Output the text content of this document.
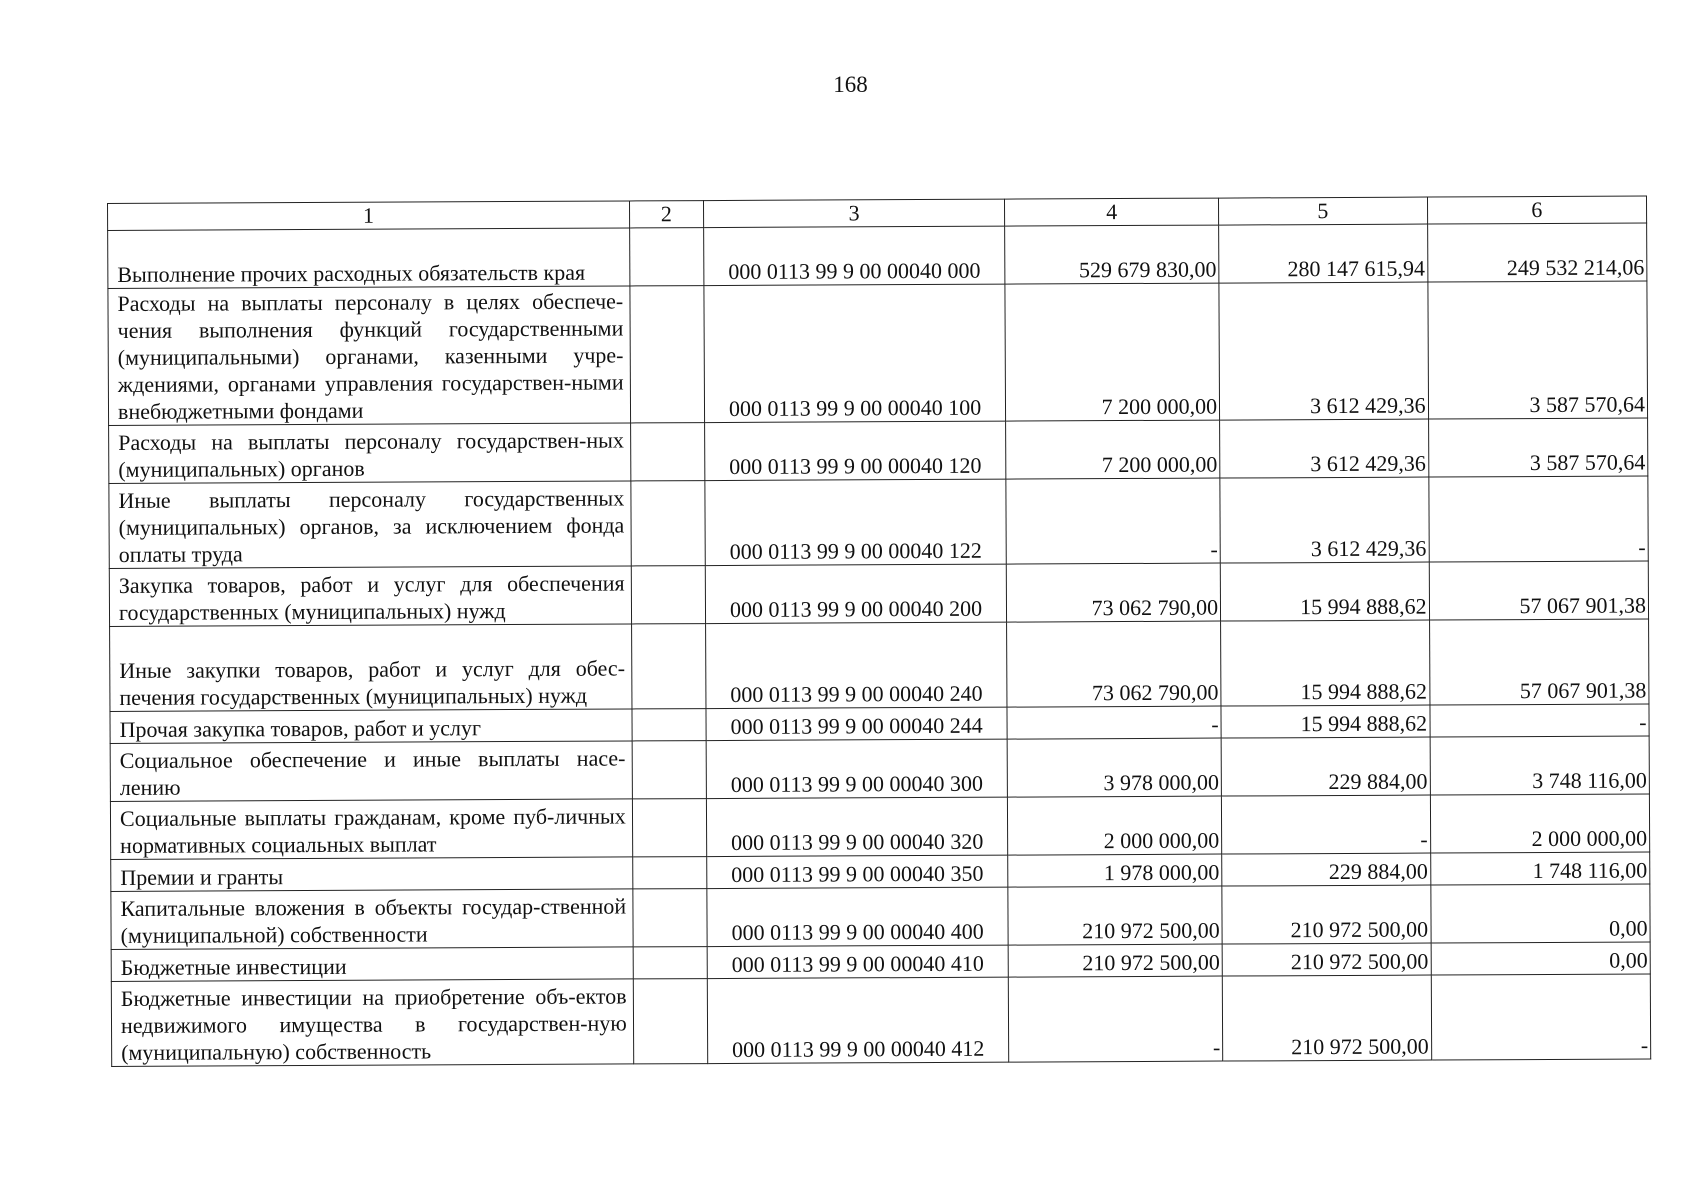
168
1	2	3	4	5	6
Выполнение прочих расходных обязательств края		000 0113 99 9 00 00040 000	529 679 830,00	280 147 615,94	249 532 214,06
Расходы на выплаты персоналу в целях обеспече-чения выполнения функций государственными (муниципальными) органами, казенными учре-ждениями, органами управления государствен-ными внебюджетными фондами		000 0113 99 9 00 00040 100	7 200 000,00	3 612 429,36	3 587 570,64
Расходы на выплаты персоналу государствен-ных (муниципальных) органов		000 0113 99 9 00 00040 120	7 200 000,00	3 612 429,36	3 587 570,64
Иные выплаты персоналу государственных (муниципальных) органов, за исключением фонда оплаты труда		000 0113 99 9 00 00040 122	-	3 612 429,36	-
Закупка товаров, работ и услуг для обеспечения государственных (муниципальных) нужд		000 0113 99 9 00 00040 200	73 062 790,00	15 994 888,62	57 067 901,38
Иные закупки товаров, работ и услуг для обес-печения государственных (муниципальных) нужд		000 0113 99 9 00 00040 240	73 062 790,00	15 994 888,62	57 067 901,38
Прочая закупка товаров, работ и услуг		000 0113 99 9 00 00040 244	-	15 994 888,62	-
Социальное обеспечение и иные выплаты насе-лению		000 0113 99 9 00 00040 300	3 978 000,00	229 884,00	3 748 116,00
Социальные выплаты гражданам, кроме пуб-личных нормативных социальных выплат		000 0113 99 9 00 00040 320	2 000 000,00	-	2 000 000,00
Премии и гранты		000 0113 99 9 00 00040 350	1 978 000,00	229 884,00	1 748 116,00
Капитальные вложения в объекты государ-ственной (муниципальной) собственности		000 0113 99 9 00 00040 400	210 972 500,00	210 972 500,00	0,00
Бюджетные инвестиции		000 0113 99 9 00 00040 410	210 972 500,00	210 972 500,00	0,00
Бюджетные инвестиции на приобретение объ-ектов недвижимого имущества в государствен-ную (муниципальную) собственность		000 0113 99 9 00 00040 412	-	210 972 500,00	-
